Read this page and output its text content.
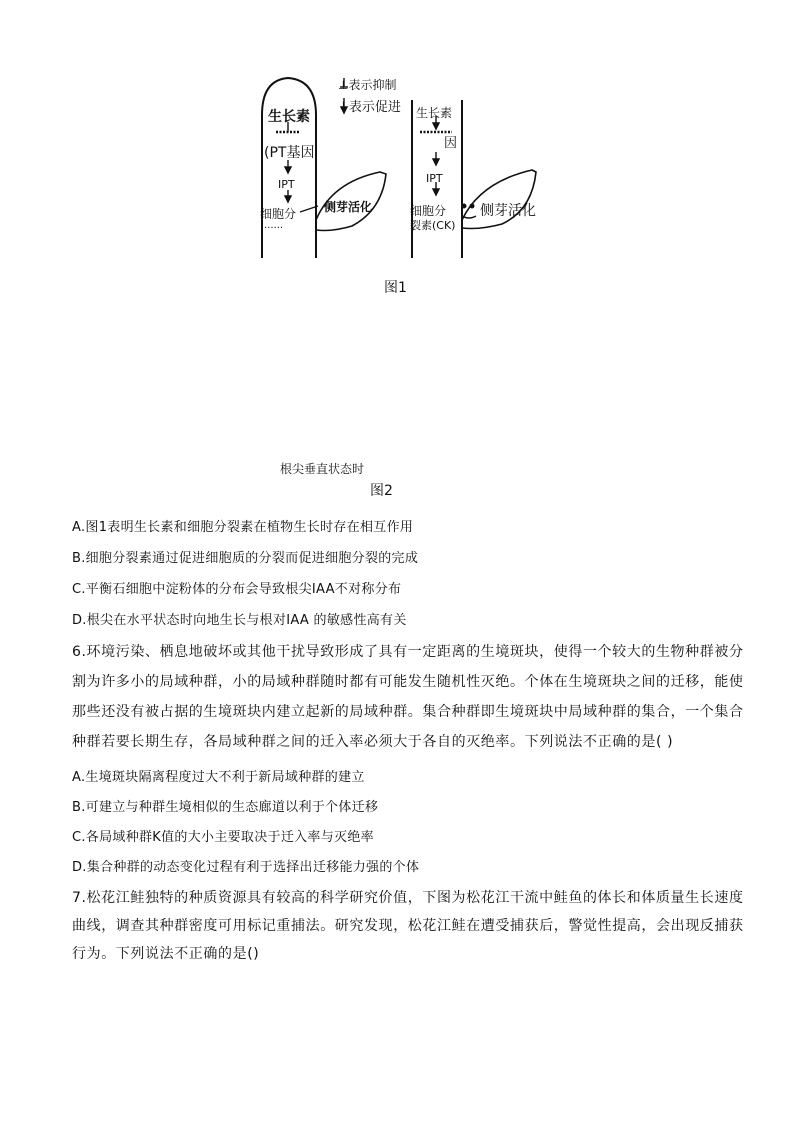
⊥表示抑制
↓表示促进
生长素
(PT基因
IPT
细胞分
......
侧芽活化
生长素
因
IPT
细胞分
裂素(CK)
侧芽活化
图1
根尖垂直状态时
图2
A.图1表明生长素和细胞分裂素在植物生长时存在相互作用
B.细胞分裂素通过促进细胞质的分裂而促进细胞分裂的完成
C.平衡石细胞中淀粉体的分布会导致根尖IAA不对称分布
D.根尖在水平状态时向地生长与根对IAA 的敏感性高有关
6.环境污染、栖息地破坏或其他干扰导致形成了具有一定距离的生境斑块，使得一个较大的生物种群被分
割为许多小的局域种群，小的局域种群随时都有可能发生随机性灭绝。个体在生境斑块之间的迁移，能使
那些还没有被占据的生境斑块内建立起新的局域种群。集合种群即生境斑块中局域种群的集合，一个集合
种群若要长期生存，各局域种群之间的迁入率必须大于各自的灭绝率。下列说法不正确的是( )
A.生境斑块隔离程度过大不利于新局域种群的建立
B.可建立与种群生境相似的生态廊道以利于个体迁移
C.各局域种群K值的大小主要取决于迁入率与灭绝率
D.集合种群的动态变化过程有利于选择出迁移能力强的个体
7.松花江鲑独特的种质资源具有较高的科学研究价值，下图为松花江干流中鲑鱼的体长和体质量生长速度
曲线，调查其种群密度可用标记重捕法。研究发现，松花江鲑在遭受捕获后，警觉性提高，会出现反捕获
行为。下列说法不正确的是()
